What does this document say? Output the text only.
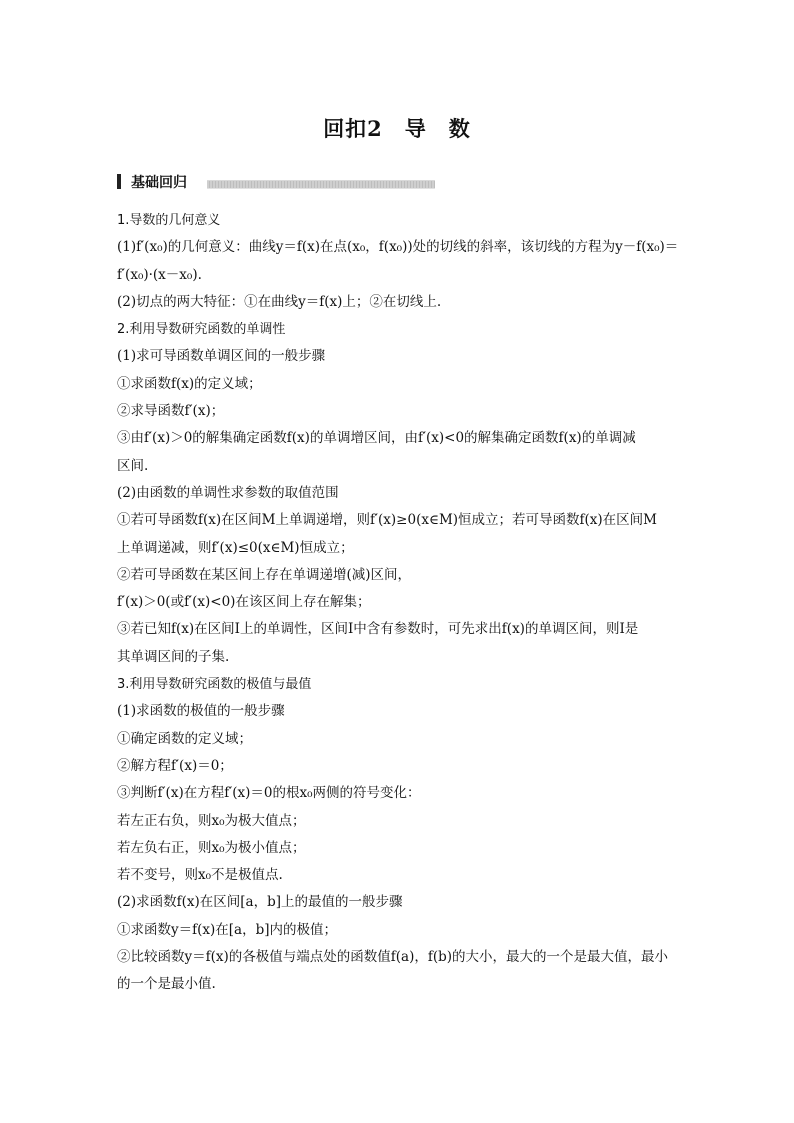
回扣2　导　数
基础回归
1.导数的几何意义
(1)f′(x₀)的几何意义：曲线y＝f(x)在点(x₀，f(x₀))处的切线的斜率，该切线的方程为y－f(x₀)＝
f′(x₀)·(x－x₀).
(2)切点的两大特征：①在曲线y＝f(x)上；②在切线上.
2.利用导数研究函数的单调性
(1)求可导函数单调区间的一般步骤
①求函数f(x)的定义域；
②求导函数f′(x)；
③由f′(x)＞0的解集确定函数f(x)的单调增区间，由f′(x)<0的解集确定函数f(x)的单调减
区间.
(2)由函数的单调性求参数的取值范围
①若可导函数f(x)在区间M上单调递增，则f′(x)≥0(x∈M)恒成立；若可导函数f(x)在区间M
上单调递减，则f′(x)≤0(x∈M)恒成立；
②若可导函数在某区间上存在单调递增(减)区间，
f′(x)＞0(或f′(x)<0)在该区间上存在解集；
③若已知f(x)在区间I上的单调性，区间I中含有参数时，可先求出f(x)的单调区间，则I是
其单调区间的子集.
3.利用导数研究函数的极值与最值
(1)求函数的极值的一般步骤
①确定函数的定义域；
②解方程f′(x)＝0；
③判断f′(x)在方程f′(x)＝0的根x₀两侧的符号变化：
若左正右负，则x₀为极大值点；
若左负右正，则x₀为极小值点；
若不变号，则x₀不是极值点.
(2)求函数f(x)在区间[a，b]上的最值的一般步骤
①求函数y＝f(x)在[a，b]内的极值；
②比较函数y＝f(x)的各极值与端点处的函数值f(a)，f(b)的大小，最大的一个是最大值，最小
的一个是最小值.
